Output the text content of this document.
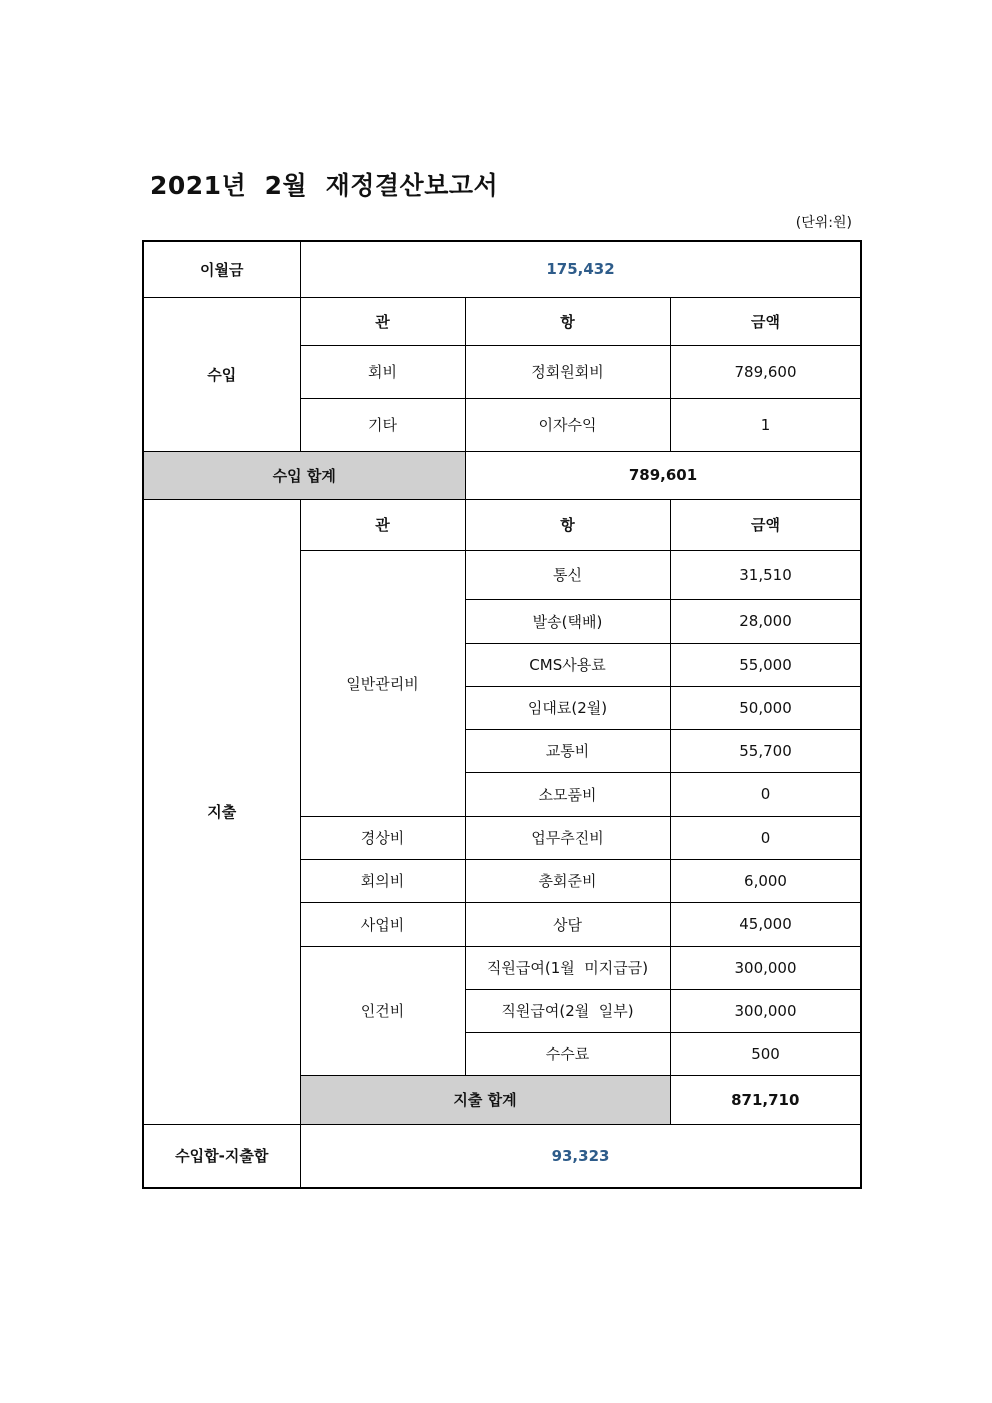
2021년  2월  재정결산보고서
(단위:원)
이월금	175,432		
수입	관	항	금액
	회비	정회원회비	789,600
	기타	이자수익	1
수입 합계		789,601	
지출	관	항	금액
	일반관리비	통신	31,510
		발송(택배)	28,000
		CMS사용료	55,000
		임대료(2월)	50,000
		교통비	55,700
		소모품비	0
	경상비	업무추진비	0
	회의비	총회준비	6,000
	사업비	상담	45,000
	인건비	직원급여(1월  미지급금)	300,000
		직원급여(2월  일부)	300,000
		수수료	500
	지출 합계		871,710
수입합-지출합	93,323		
